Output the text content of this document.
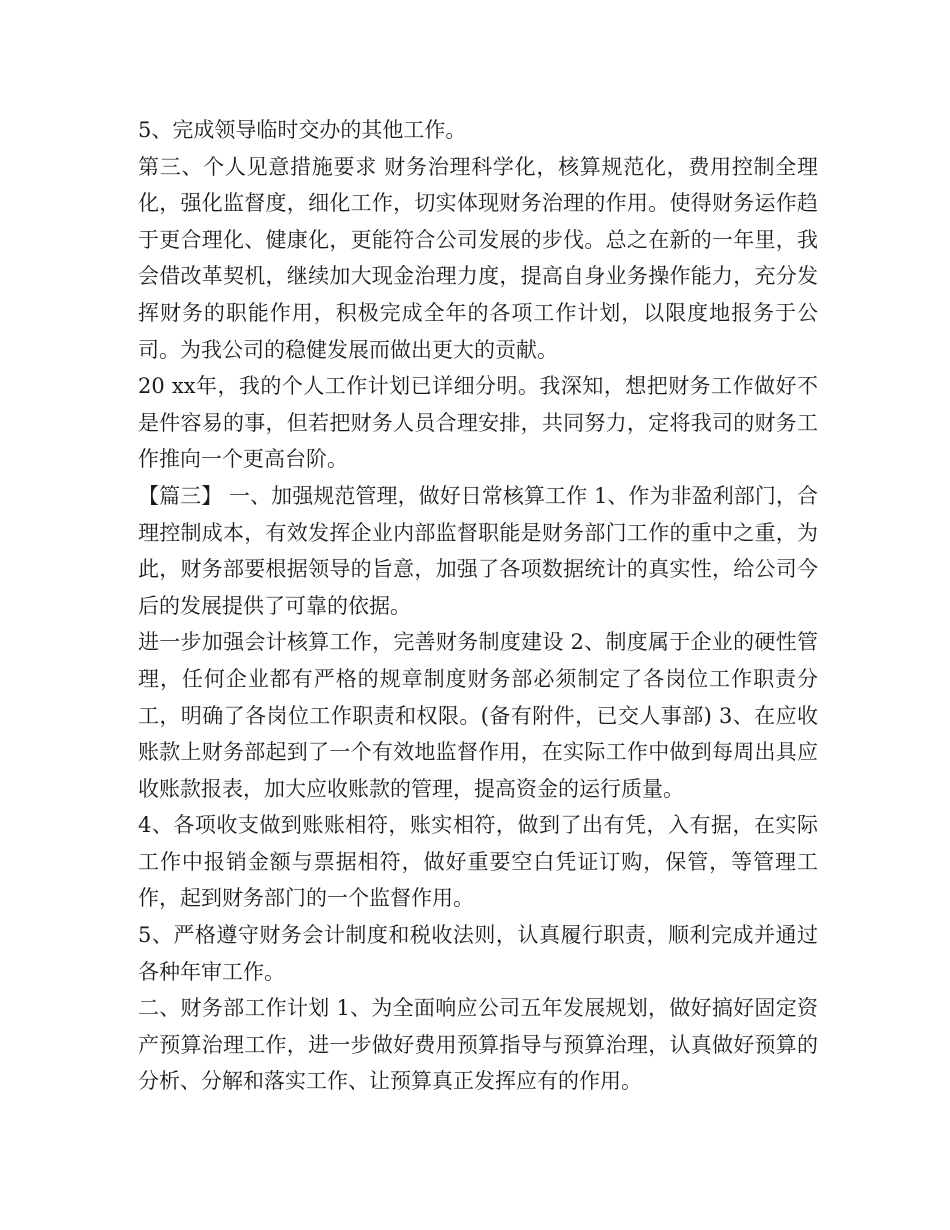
5、完成领导临时交办的其他工作。

第三、个人见意措施要求 财务治理科学化，核算规范化，费用控制全理化，强化监督度，细化工作，切实体现财务治理的作用。使得财务运作趋于更合理化、健康化，更能符合公司发展的步伐。总之在新的一年里，我会借改革契机，继续加大现金治理力度，提高自身业务操作能力，充分发挥财务的职能作用，积极完成全年的各项工作计划，以限度地报务于公司。为我公司的稳健发展而做出更大的贡献。

20 xx年，我的个人工作计划已详细分明。我深知，想把财务工作做好不是件容易的事，但若把财务人员合理安排，共同努力，定将我司的财务工作推向一个更高台阶。

【篇三】 一、加强规范管理，做好日常核算工作 1、作为非盈利部门，合理控制成本，有效发挥企业内部监督职能是财务部门工作的重中之重，为此，财务部要根据领导的旨意，加强了各项数据统计的真实性，给公司今后的发展提供了可靠的依据。

进一步加强会计核算工作，完善财务制度建设 2、制度属于企业的硬性管理，任何企业都有严格的规章制度财务部必须制定了各岗位工作职责分工，明确了各岗位工作职责和权限。(备有附件，已交人事部) 3、在应收账款上财务部起到了一个有效地监督作用，在实际工作中做到每周出具应收账款报表，加大应收账款的管理，提高资金的运行质量。

4、各项收支做到账账相符，账实相符，做到了出有凭，入有据，在实际工作中报销金额与票据相符，做好重要空白凭证订购，保管，等管理工作，起到财务部门的一个监督作用。

5、严格遵守财务会计制度和税收法则，认真履行职责，顺利完成并通过各种年审工作。

二、财务部工作计划 1、为全面响应公司五年发展规划，做好搞好固定资产预算治理工作，进一步做好费用预算指导与预算治理，认真做好预算的分析、分解和落实工作、让预算真正发挥应有的作用。
